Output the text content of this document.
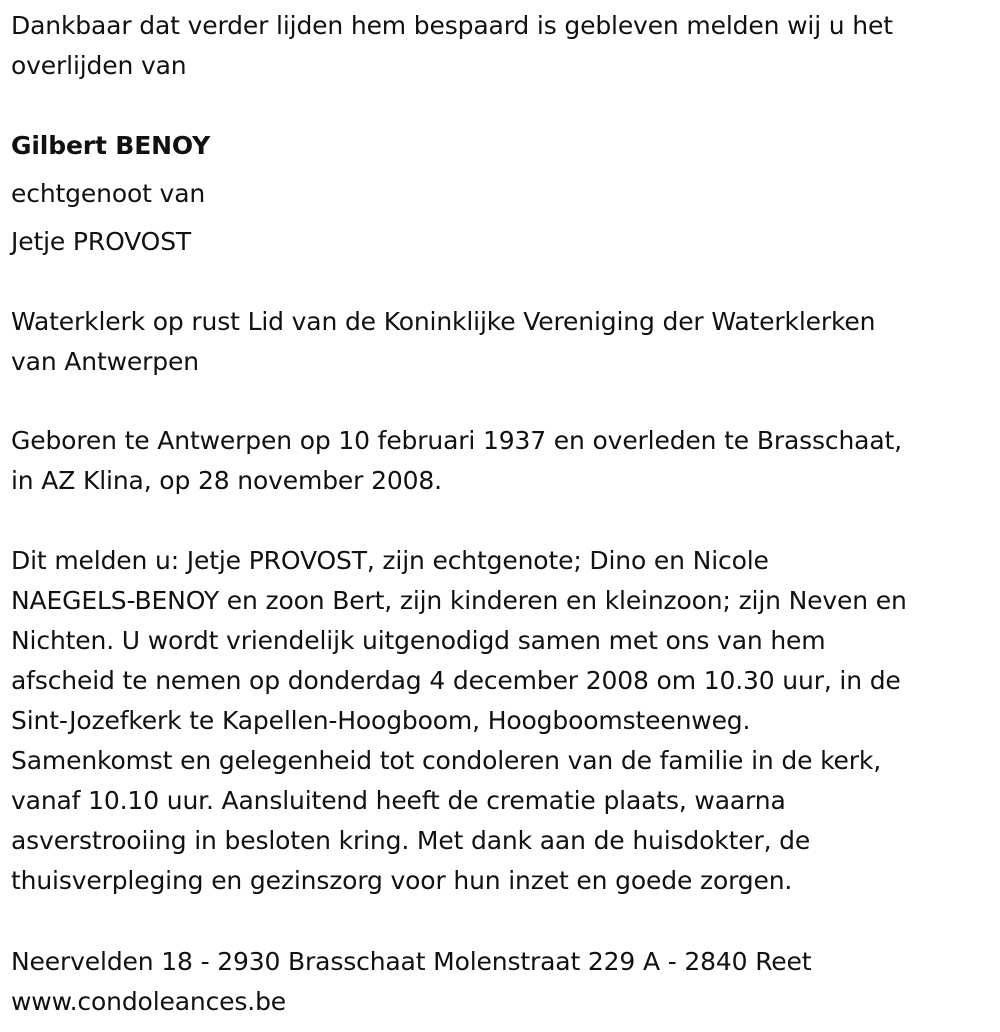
Dankbaar dat verder lijden hem bespaard is gebleven melden wij u het
overlijden van
Gilbert BENOY
echtgenoot van
Jetje PROVOST
Waterklerk op rust Lid van de Koninklijke Vereniging der Waterklerken
van Antwerpen
Geboren te Antwerpen op 10 februari 1937 en overleden te Brasschaat,
in AZ Klina, op 28 november 2008.
Dit melden u: Jetje PROVOST, zijn echtgenote; Dino en Nicole
NAEGELS-BENOY en zoon Bert, zijn kinderen en kleinzoon; zijn Neven en
Nichten. U wordt vriendelijk uitgenodigd samen met ons van hem
afscheid te nemen op donderdag 4 december 2008 om 10.30 uur, in de
Sint-Jozefkerk te Kapellen-Hoogboom, Hoogboomsteenweg.
Samenkomst en gelegenheid tot condoleren van de familie in de kerk,
vanaf 10.10 uur. Aansluitend heeft de crematie plaats, waarna
asverstrooiing in besloten kring. Met dank aan de huisdokter, de
thuisverpleging en gezinszorg voor hun inzet en goede zorgen.
Neervelden 18 - 2930 Brasschaat Molenstraat 229 A - 2840 Reet
www.condoleances.be
